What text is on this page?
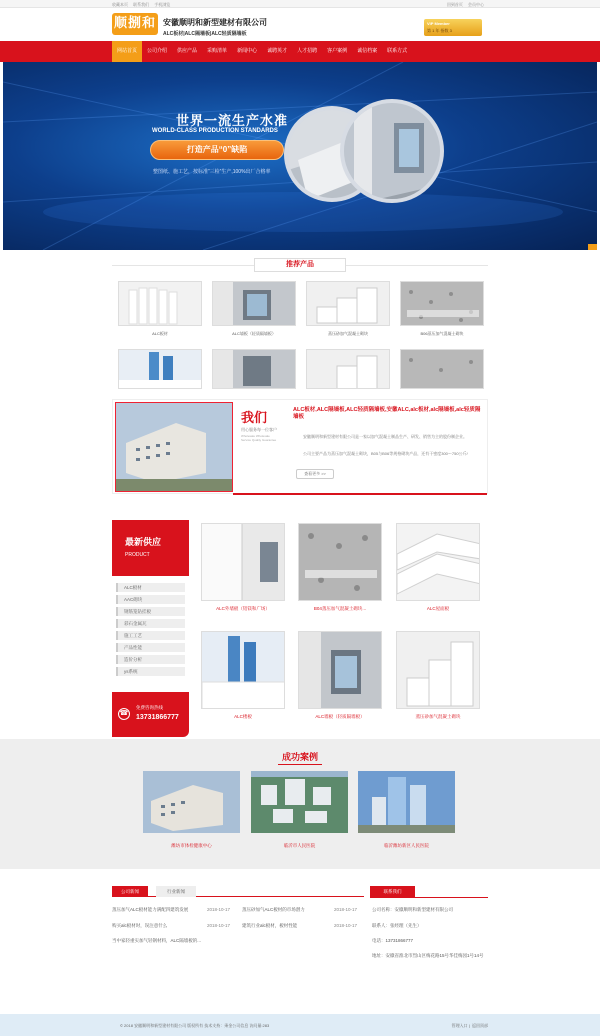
收藏本页 联系我们 手机浏览	回到首页 会员中心
顺捌和 安徽顺明和新型建材有限公司
ALC板材|ALC隔墙板|ALC轻质隔墙板
VIP Member
第 1 年 指数 3
网站首页	公司介绍	供应产品	采购清单	新闻中心	诚聘英才	人才招聘	客户案例	诚信档案	联系方式
世界一流生产水准
WORLD-CLASS PRODUCTION STANDARDS
打造产品“0”缺陷
整图纸、施工艺，按标准“三检”生产,100%出厂合格率
推荐产品
ALC板材	ALC墙板（轻质隔墙板）	蒸压砂加气混凝土砌块	B06蒸压加气混凝土砌块
我们
用心服务每一位客户
Wholesale Wholesale Service Quality Guarantee
ALC板材,ALC隔墙板,ALC轻质隔墙板,安徽ALC,alc板材,alc隔墙板,alc轻质隔墙板
安徽顺明和新型建材有限公司是一家以加气混凝土制品生产、研发、销售为主的股份制企业。
公司主要产品为蒸压加气混凝土砌块，B05与B06等规格砌块产品，还有干密度300～750公斤/
查看更多 >>
最新供应
PRODUCT
ALC板材
AAC砌块
钢筋笼钻挂板
彩石金属瓦
施工工艺
产品性能
造价分析
ys系统
☎
免费咨询热线
13731866777
ALC外墙板（铝镁和广场）	B04蒸压加气混凝土砌块...	ALC屋面板
ALC楼板	ALC墙板（轻质隔墙板）	蒸压砂加气混凝土砌块
成功案例
潍坊市体检健康中心	临沂市人民医院	临沂潍坊新区人民医院
公司新闻	行业新闻
蒸压加气ALC板材能力满配四建筑发展	2018-10-17	蒸压砂加气ALC板材的市场潜力	2018-10-17
购买alc板材时，误注意什么	2018-10-17	建筑行业alc板材，板材性能	2018-10-17
当中家轻重实加气轻钢材料，ALC隔墙板的...
联系我们
公司名称：安徽顺明和新型建材有限公司
联系人：张经理（先生）
电话：13731866777
地址：安徽省淮北市烈山区梅花路15号华佳梅园1号14号
© 2018 安徽顺明和新型建材有限公司 版权所有 技术支持：乘金公司信息 访问量:283	管理入口 |  返回顶部
